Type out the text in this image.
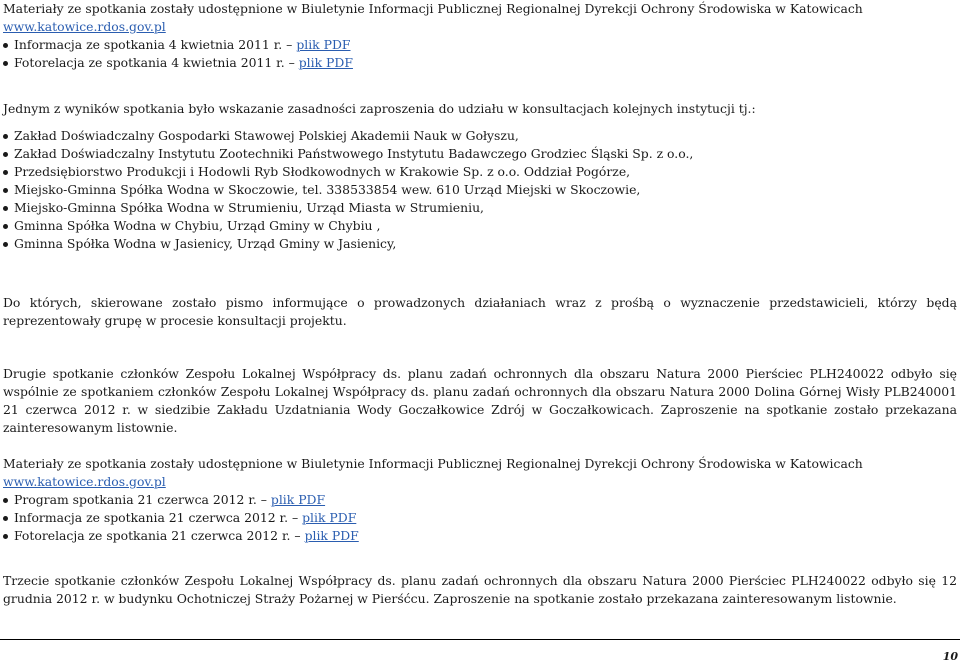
Materiały ze spotkania zostały udostępnione w Biuletynie Informacji Publicznej Regionalnej Dyrekcji Ochrony Środowiska w Katowicach www.katowice.rdos.gov.pl

Informacja ze spotkania 4 kwietnia 2011 r. – plik PDF
Fotorelacja ze spotkania 4 kwietnia 2011 r. – plik PDF

Jednym z wyników spotkania było wskazanie zasadności zaproszenia do udziału w konsultacjach kolejnych instytucji tj.:

Zakład Doświadczalny Gospodarki Stawowej Polskiej Akademii Nauk w Gołyszu,
Zakład Doświadczalny Instytutu Zootechniki Państwowego Instytutu Badawczego Grodziec Śląski Sp. z o.o.,
Przedsiębiorstwo Produkcji i Hodowli Ryb Słodkowodnych w Krakowie Sp. z o.o. Oddział Pogórze,
Miejsko-Gminna Spółka Wodna w Skoczowie, tel. 338533854 wew. 610 Urząd Miejski w Skoczowie,
Miejsko-Gminna Spółka Wodna w Strumieniu, Urząd Miasta w Strumieniu,
Gminna Spółka Wodna w Chybiu, Urząd Gminy w Chybiu ,
Gminna Spółka Wodna w Jasienicy, Urząd Gminy w Jasienicy,

Do których, skierowane zostało pismo informujące o prowadzonych działaniach wraz z prośbą o wyznaczenie przedstawicieli, którzy będą reprezentowały grupę w procesie konsultacji projektu.

Drugie spotkanie członków Zespołu Lokalnej Współpracy ds. planu zadań ochronnych dla obszaru Natura 2000 Pierściec PLH240022 odbyło się wspólnie ze spotkaniem członków Zespołu Lokalnej Współpracy ds. planu zadań ochronnych dla obszaru Natura 2000 Dolina Górnej Wisły PLB240001 21 czerwca 2012 r. w siedzibie Zakładu Uzdatniania Wody Goczałkowice Zdrój w Goczałkowicach. Zaproszenie na spotkanie zostało przekazana zainteresowanym listownie.

Materiały ze spotkania zostały udostępnione w Biuletynie Informacji Publicznej Regionalnej Dyrekcji Ochrony Środowiska w Katowicach www.katowice.rdos.gov.pl

Program spotkania 21 czerwca 2012 r. – plik PDF
Informacja ze spotkania 21 czerwca 2012 r. – plik PDF
Fotorelacja ze spotkania 21 czerwca 2012 r. – plik PDF

Trzecie spotkanie członków Zespołu Lokalnej Współpracy ds. planu zadań ochronnych dla obszaru Natura 2000 Pierściec PLH240022 odbyło się 12 grudnia 2012 r. w budynku Ochotniczej Straży Pożarnej w Pierśćcu. Zaproszenie na spotkanie zostało przekazana zainteresowanym listownie.

10
